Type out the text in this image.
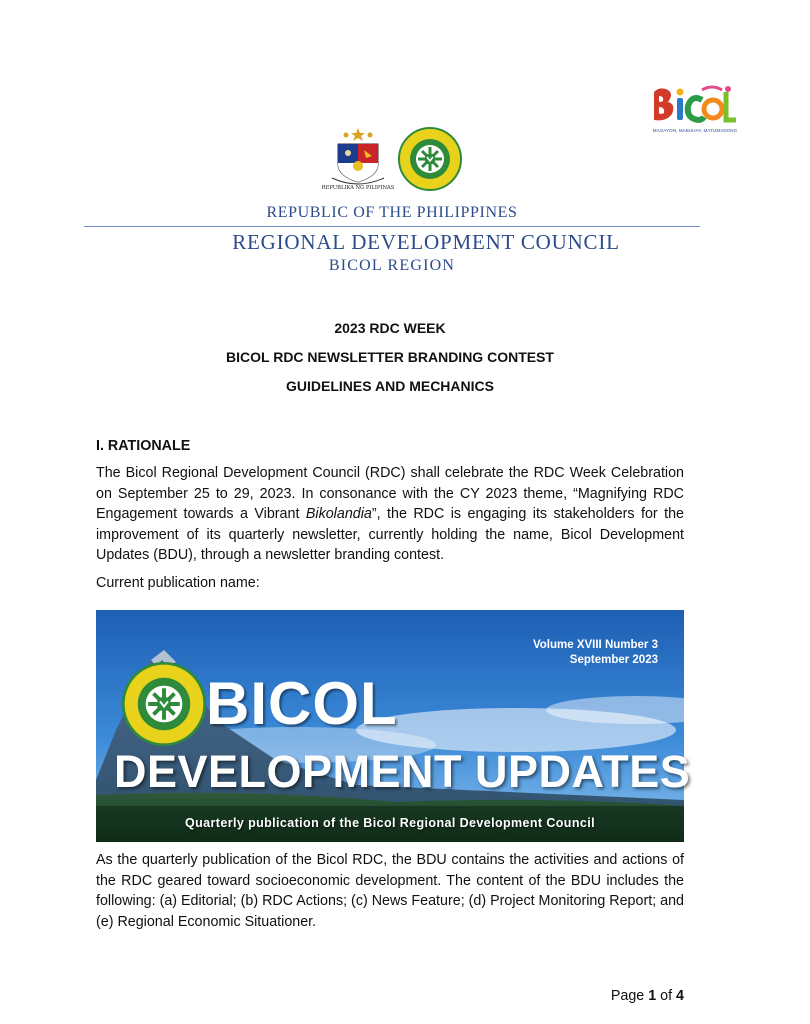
MAGAYON, MABUHAY, MATUMADONG
REPUBLIKA NG PILIPINAS
REPUBLIC OF THE PHILIPPINES
REGIONAL DEVELOPMENT COUNCIL
BICOL REGION
2023 RDC WEEK
BICOL RDC NEWSLETTER BRANDING CONTEST
GUIDELINES AND MECHANICS
I. RATIONALE
The Bicol Regional Development Council (RDC) shall celebrate the RDC Week Celebration on September 25 to 29, 2023. In consonance with the CY 2023 theme, “Magnifying RDC Engagement towards a Vibrant Bikolandia”, the RDC is engaging its stakeholders for the improvement of its quarterly newsletter, currently holding the name, Bicol Development Updates (BDU), through a newsletter branding contest.
Current publication name:
Volume XVIII Number 3
September 2023
BICOL
DEVELOPMENT UPDATES
Quarterly publication of the Bicol Regional Development Council
As the quarterly publication of the Bicol RDC, the BDU contains the activities and actions of the RDC geared toward socioeconomic development. The content of the BDU includes the following: (a) Editorial; (b) RDC Actions; (c) News Feature; (d) Project Monitoring Report; and (e) Regional Economic Situationer.
Page 1 of 4
